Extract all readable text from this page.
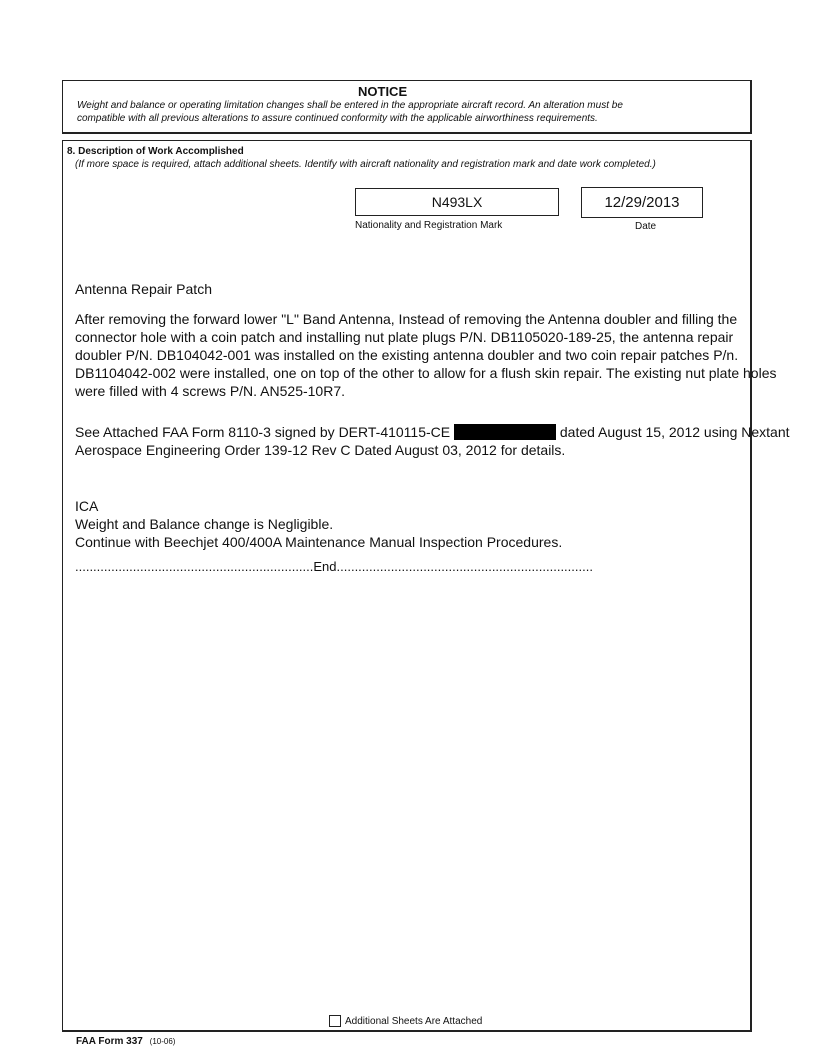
NOTICE
Weight and balance or operating limitation changes shall be entered in the appropriate aircraft record. An alteration must be
compatible with all previous alterations to assure continued conformity with the applicable airworthiness requirements.
8. Description of Work Accomplished
(If more space is required, attach additional sheets. Identify with aircraft nationality and registration mark and date work completed.)
N493LX
Nationality and Registration Mark
12/29/2013
Date
Antenna Repair Patch
After removing the forward lower "L" Band Antenna, Instead of removing the Antenna doubler and filling the
connector hole with a coin patch and installing nut plate plugs P/N. DB1105020-189-25, the antenna repair
doubler P/N. DB104042-001 was installed on the existing antenna doubler and two coin repair patches P/n.
DB1104042-002 were installed, one on top of the other to allow for a flush skin repair. The existing nut plate holes
were filled with 4 screws P/N. AN525-10R7.
See Attached FAA Form 8110-3 signed by DERT-410115-CE	dated August 15, 2012 using Nextant
Aerospace Engineering Order 139-12 Rev C Dated August 03, 2012 for details.
ICA
Weight and Balance change is Negligible.
Continue with Beechjet 400/400A Maintenance Manual Inspection Procedures.
..................................................................End.......................................................................
Additional Sheets Are Attached
FAA Form 337 (10-06)
